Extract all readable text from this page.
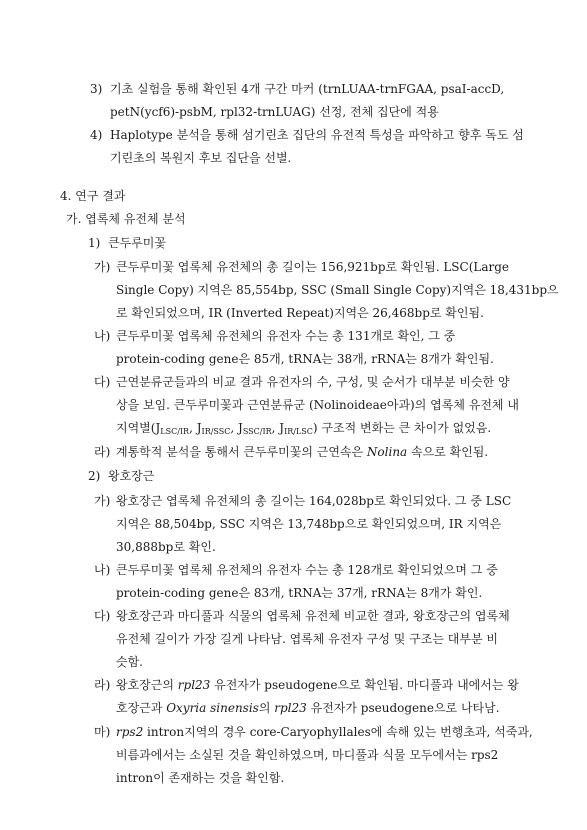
3) 기초 실험을 통해 확인된 4개 구간 마커 (trnLUAA-trnFGAA, psaI-accD,
petN(ycf6)-psbM, rpl32-trnLUAG) 선정, 전체 집단에 적용
4) Haplotype 분석을 통해 섬기린초 집단의 유전적 특성을 파악하고 향후 독도 섬
기린초의 복원지 후보 집단을 선별.
4. 연구 결과
가. 엽록체 유전체 분석
1) 큰두루미꽃
가) 큰두루미꽃 엽록체 유전체의 총 길이는 156,921bp로 확인됨. LSC(Large
Single Copy) 지역은 85,554bp, SSC (Small Single Copy)지역은 18,431bp으
로 확인되었으며, IR (Inverted Repeat)지역은 26,468bp로 확인됨.
나) 큰두루미꽃 엽록체 유전체의 유전자 수는 총 131개로 확인, 그 중
protein-coding gene은 85개, tRNA는 38개, rRNA는 8개가 확인됨.
다) 근연분류군들과의 비교 결과 유전자의 수, 구성, 및 순서가 대부분 비슷한 양
상을 보임. 큰두루미꽃과 근연분류군 (Nolinoideae아과)의 엽록체 유전체 내
지역별($J_{LSC/IR}$, $J_{IR/SSC}$, $J_{SSC/IR}$, $J_{IR/LSC}$) 구조적 변화는 큰 차이가 없었음.
라) 계통학적 분석을 통해서 큰두루미꽃의 근연속은 Nolina 속으로 확인됨.
2) 왕호장근
가) 왕호장근 엽록체 유전체의 총 길이는 164,028bp로 확인되었다. 그 중 LSC
지역은 88,504bp, SSC 지역은 13,748bp으로 확인되었으며, IR 지역은
30,888bp로 확인.
나) 큰두루미꽃 엽록체 유전체의 유전자 수는 총 128개로 확인되었으며 그 중
protein-coding gene은 83개, tRNA는 37개, rRNA는 8개가 확인.
다) 왕호장근과 마디풀과 식물의 엽록체 유전체 비교한 결과, 왕호장근의 엽록체
유전체 길이가 가장 길게 나타남. 엽록체 유전자 구성 및 구조는 대부분 비
슷함.
라) 왕호장근의 rpl23 유전자가 pseudogene으로 확인됨. 마디풀과 내에서는 왕
호장근과 Oxyria sinensis의 rpl23 유전자가 pseudogene으로 나타남.
마) rps2 intron지역의 경우 core-Caryophyllales에 속해 있는 번행초과, 석죽과,
비름과에서는 소실된 것을 확인하였으며, 마디풀과 식물 모두에서는 rps2
intron이 존재하는 것을 확인함.
